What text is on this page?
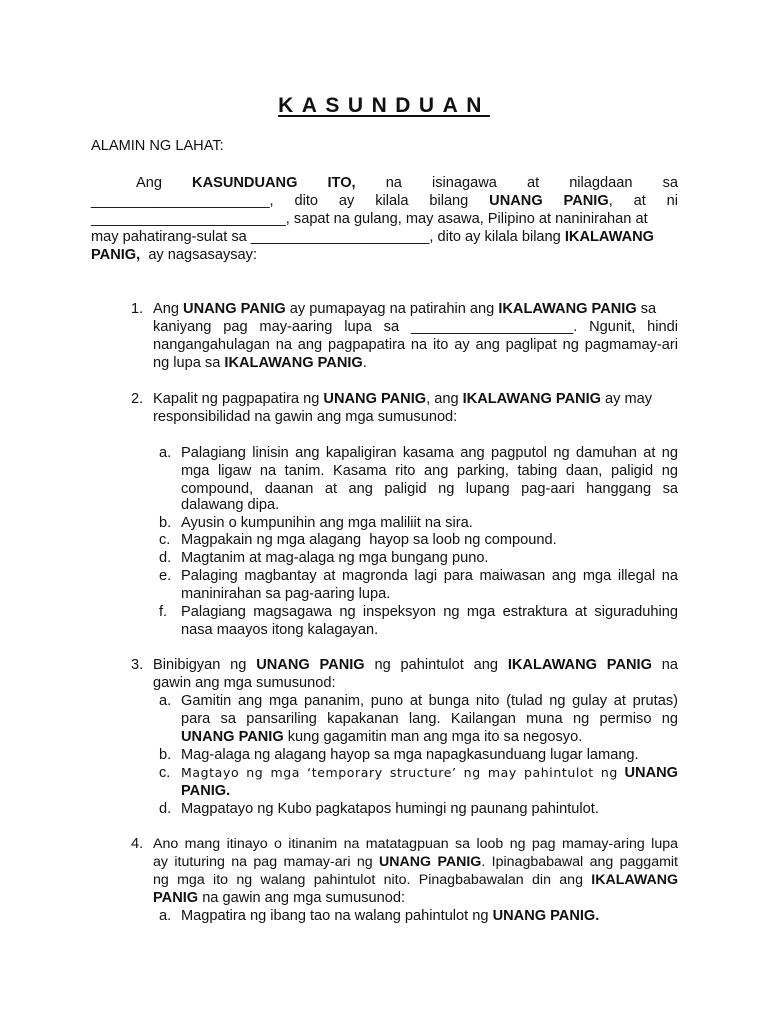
KASUNDUAN
ALAMIN NG LAHAT:
Ang KASUNDUANG ITO, na isinagawa at nilagdaan sa
______________________, dito ay kilala bilang UNANG PANIG, at ni
________________________, sapat na gulang, may asawa, Pilipino at naninirahan at
may pahatirang-sulat sa ______________________, dito ay kilala bilang IKALAWANG
PANIG, ay nagsasaysay:
1. Ang UNANG PANIG ay pumapayag na patirahin ang IKALAWANG PANIG sa
kaniyang pag may-aaring lupa sa ____________________. Ngunit, hindi
nangangahulagan na ang pagpapatira na ito ay ang paglipat ng pagmamay-ari
ng lupa sa IKALAWANG PANIG.
2. Kapalit ng pagpapatira ng UNANG PANIG, ang IKALAWANG PANIG ay may
responsibilidad na gawin ang mga sumusunod:
a. Palagiang linisin ang kapaligiran kasama ang pagputol ng damuhan at ng
mga ligaw na tanim. Kasama rito ang parking, tabing daan, paligid ng
compound, daanan at ang paligid ng lupang pag-aari hanggang sa
dalawang dipa.
b. Ayusin o kumpunihin ang mga maliliit na sira.
c. Magpakain ng mga alagang  hayop sa loob ng compound.
d. Magtanim at mag-alaga ng mga bungang puno.
e. Palaging magbantay at magronda lagi para maiwasan ang mga illegal na
maninirahan sa pag-aaring lupa.
f. Palagiang magsagawa ng inspeksyon ng mga estraktura at siguraduhing
nasa maayos itong kalagayan.
3. Binibigyan ng UNANG PANIG ng pahintulot ang IKALAWANG PANIG na
gawin ang mga sumusunod:
a. Gamitin ang mga pananim, puno at bunga nito (tulad ng gulay at prutas)
para sa pansariling kapakanan lang. Kailangan muna ng permiso ng
UNANG PANIG kung gagamitin man ang mga ito sa negosyo.
b. Mag-alaga ng alagang hayop sa mga napagkasunduang lugar lamang.
c. Magtayo ng mga ‘temporary structure’ ng may pahintulot ng UNANG
PANIG.
d. Magpatayo ng Kubo pagkatapos humingi ng paunang pahintulot.
4. Ano mang itinayo o itinanim na matatagpuan sa loob ng pag mamay-aring lupa
ay ituturing na pag mamay-ari ng UNANG PANIG. Ipinagbabawal ang paggamit
ng mga ito ng walang pahintulot nito. Pinagbabawalan din ang IKALAWANG
PANIG na gawin ang mga sumusunod:
a. Magpatira ng ibang tao na walang pahintulot ng UNANG PANIG.
